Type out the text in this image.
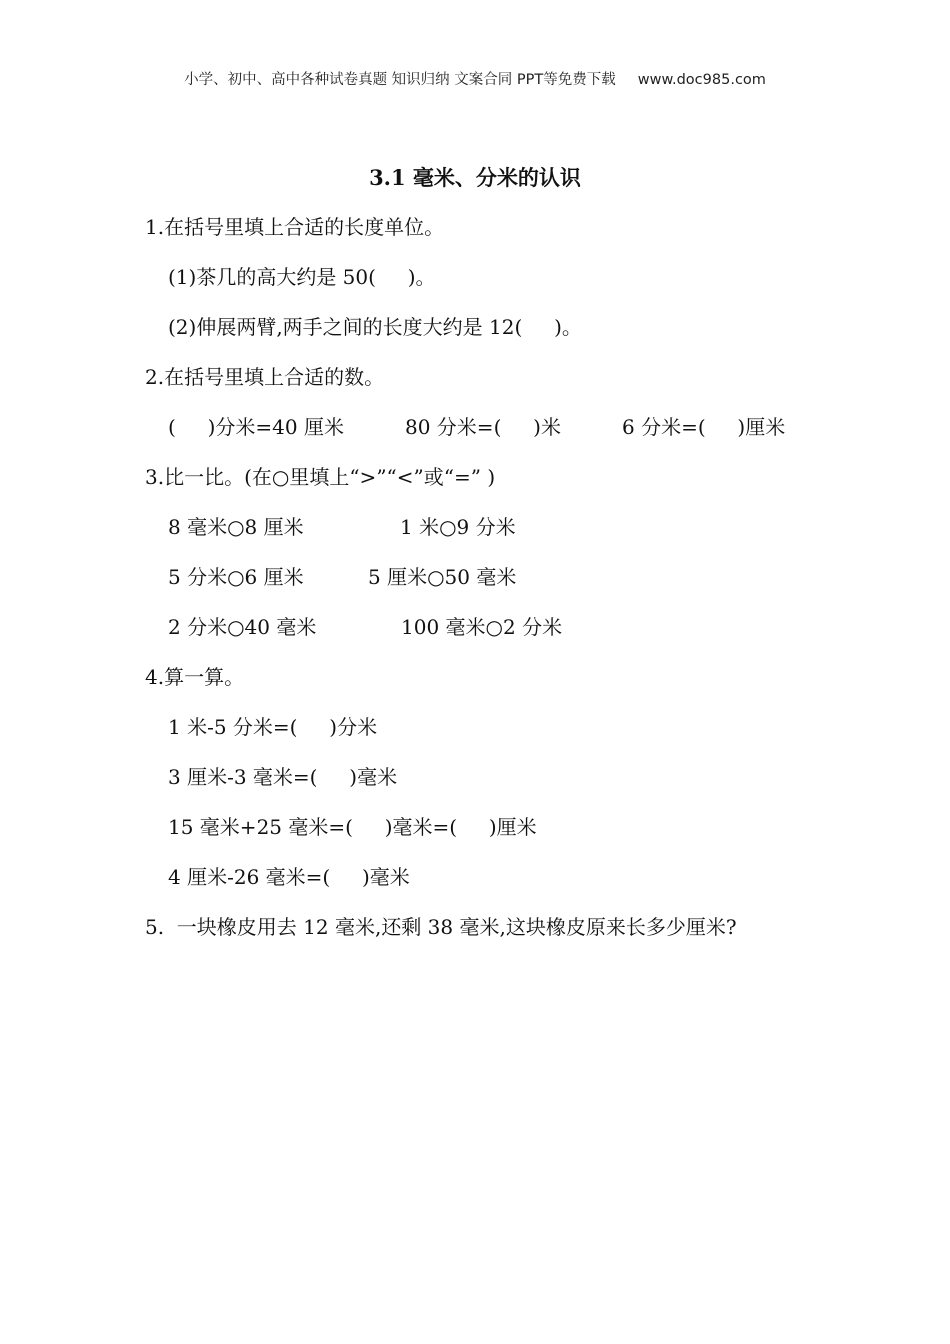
小学、初中、高中各种试卷真题 知识归纳 文案合同 PPT等免费下载 www.doc985.com
3.1 毫米、分米的认识
1.在括号里填上合适的长度单位。
(1)茶几的高大约是 50(     )。
(2)伸展两臂,两手之间的长度大约是 12(     )。
2.在括号里填上合适的数。
(     )分米=40 厘米	80 分米=(     )米	6 分米=(     )厘米
3.比一比。(在○里填上“>”“<”或“=” )
8 毫米○8 厘米	1 米○9 分米
5 分米○6 厘米	5 厘米○50 毫米
2 分米○40 毫米	100 毫米○2 分米
4.算一算。
1 米-5 分米=(     )分米
3 厘米-3 毫米=(     )毫米
15 毫米+25 毫米=(     )毫米=(     )厘米
4 厘米-26 毫米=(     )毫米
5.  一块橡皮用去 12 毫米,还剩 38 毫米,这块橡皮原来长多少厘米?
